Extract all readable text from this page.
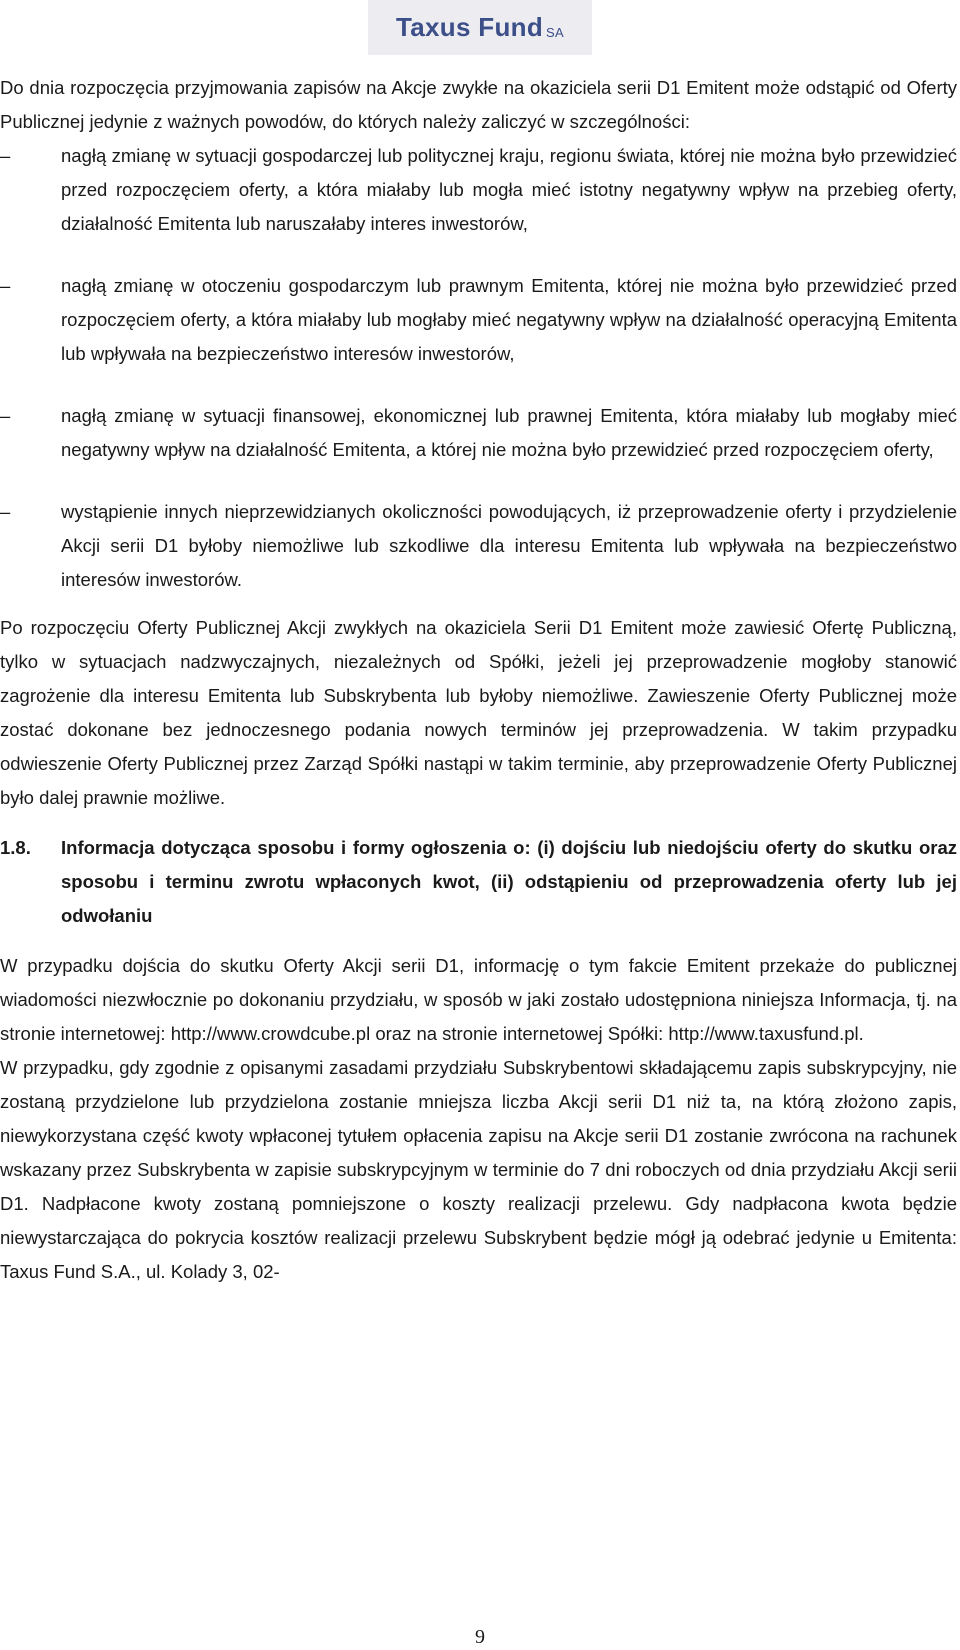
Taxus Fund SA

Do dnia rozpoczęcia przyjmowania zapisów na Akcje zwykłe na okaziciela serii D1 Emitent może odstąpić od Oferty Publicznej jedynie z ważnych powodów, do których należy zaliczyć w szczególności:

–	nagłą zmianę w sytuacji gospodarczej lub politycznej kraju, regionu świata, której nie można było przewidzieć przed rozpoczęciem oferty, a która miałaby lub mogła mieć istotny negatywny wpływ na przebieg oferty, działalność Emitenta lub naruszałaby interes inwestorów,

–	nagłą zmianę w otoczeniu gospodarczym lub prawnym Emitenta, której nie można było przewidzieć przed rozpoczęciem oferty, a która miałaby lub mogłaby mieć negatywny wpływ na działalność operacyjną Emitenta lub wpływała na bezpieczeństwo interesów inwestorów,

–	nagłą zmianę w sytuacji finansowej, ekonomicznej lub prawnej Emitenta, która miałaby lub mogłaby mieć negatywny wpływ na działalność Emitenta, a której nie można było przewidzieć przed rozpoczęciem oferty,

–	wystąpienie innych nieprzewidzianych okoliczności powodujących, iż przeprowadzenie oferty i przydzielenie Akcji serii D1 byłoby niemożliwe lub szkodliwe dla interesu Emitenta lub wpływała na bezpieczeństwo interesów inwestorów.

Po rozpoczęciu Oferty Publicznej Akcji zwykłych na okaziciela Serii D1 Emitent może zawiesić Ofertę Publiczną, tylko w sytuacjach nadzwyczajnych, niezależnych od Spółki, jeżeli jej przeprowadzenie mogłoby stanowić zagrożenie dla interesu Emitenta lub Subskrybenta lub byłoby niemożliwe. Zawieszenie Oferty Publicznej może zostać dokonane bez jednoczesnego podania nowych terminów jej przeprowadzenia. W takim przypadku odwieszenie Oferty Publicznej przez Zarząd Spółki nastąpi w takim terminie, aby przeprowadzenie Oferty Publicznej było dalej prawnie możliwe.

1.8. Informacja dotycząca sposobu i formy ogłoszenia o: (i) dojściu lub niedojściu oferty do skutku oraz sposobu i terminu zwrotu wpłaconych kwot, (ii) odstąpieniu od przeprowadzenia oferty lub jej odwołaniu

W przypadku dojścia do skutku Oferty Akcji serii D1, informację o tym fakcie Emitent przekaże do publicznej wiadomości niezwłocznie po dokonaniu przydziału, w sposób w jaki zostało udostępniona niniejsza Informacja, tj. na stronie internetowej: http://www.crowdcube.pl oraz na stronie internetowej Spółki: http://www.taxusfund.pl.

W przypadku, gdy zgodnie z opisanymi zasadami przydziału Subskrybentowi składającemu zapis subskrypcyjny, nie zostaną przydzielone lub przydzielona zostanie mniejsza liczba Akcji serii D1 niż ta, na którą złożono zapis, niewykorzystana część kwoty wpłaconej tytułem opłacenia zapisu na Akcje serii D1 zostanie zwrócona na rachunek wskazany przez Subskrybenta w zapisie subskrypcyjnym w terminie do 7 dni roboczych od dnia przydziału Akcji serii D1. Nadpłacone kwoty zostaną pomniejszone o koszty realizacji przelewu. Gdy nadpłacona kwota będzie niewystarczająca do pokrycia kosztów realizacji przelewu Subskrybent będzie mógł ją odebrać jedynie u Emitenta: Taxus Fund S.A., ul. Kolady 3, 02-

9
